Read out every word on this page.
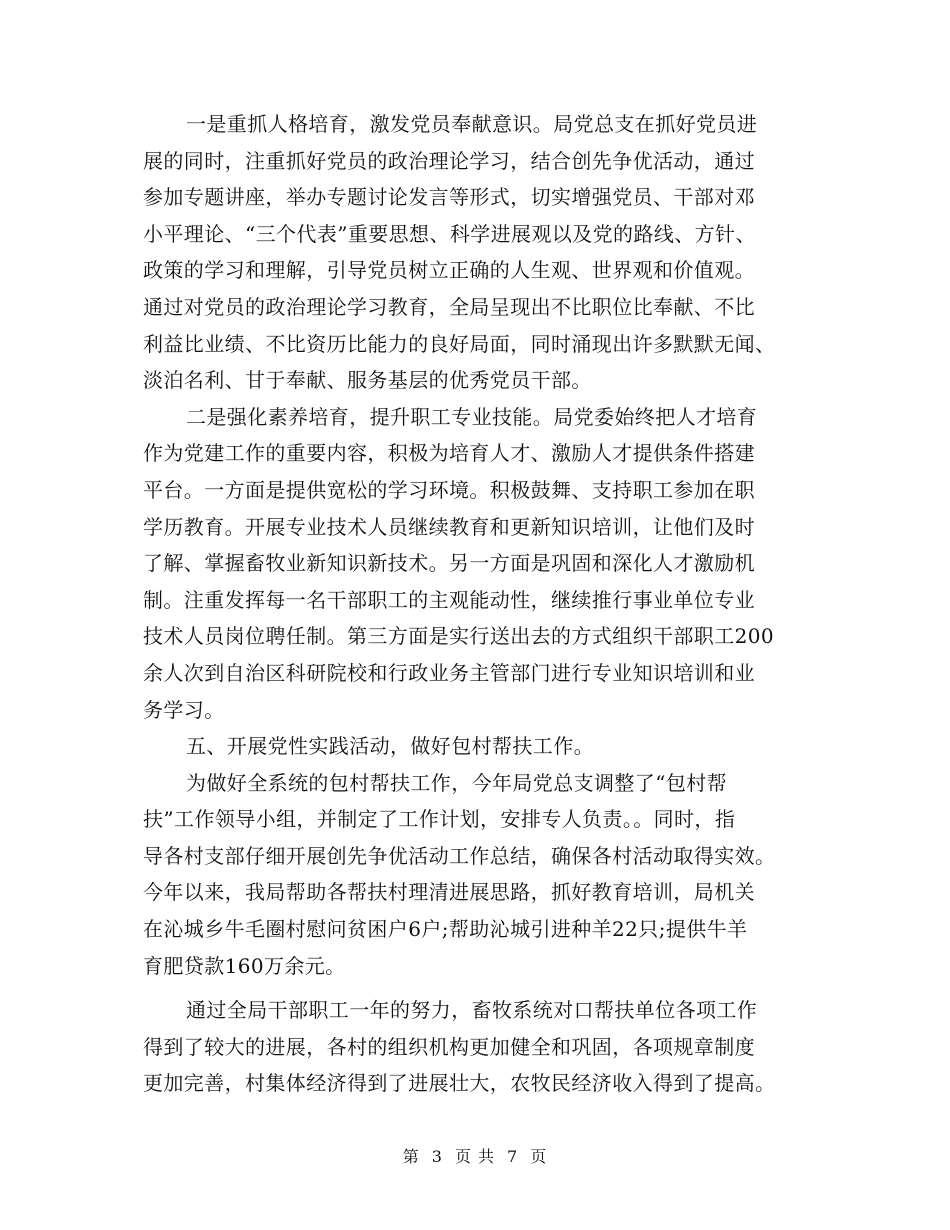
一是重抓人格培育，激发党员奉献意识。局党总支在抓好党员进
展的同时，注重抓好党员的政治理论学习，结合创先争优活动，通过
参加专题讲座，举办专题讨论发言等形式，切实增强党员、干部对邓
小平理论、“三个代表”重要思想、科学进展观以及党的路线、方针、
政策的学习和理解，引导党员树立正确的人生观、世界观和价值观。
通过对党员的政治理论学习教育，全局呈现出不比职位比奉献、不比
利益比业绩、不比资历比能力的良好局面，同时涌现出许多默默无闻、
淡泊名利、甘于奉献、服务基层的优秀党员干部。

二是强化素养培育，提升职工专业技能。局党委始终把人才培育
作为党建工作的重要内容，积极为培育人才、激励人才提供条件搭建
平台。一方面是提供宽松的学习环境。积极鼓舞、支持职工参加在职
学历教育。开展专业技术人员继续教育和更新知识培训，让他们及时
了解、掌握畜牧业新知识新技术。另一方面是巩固和深化人才激励机
制。注重发挥每一名干部职工的主观能动性，继续推行事业单位专业
技术人员岗位聘任制。第三方面是实行送出去的方式组织干部职工200
余人次到自治区科研院校和行政业务主管部门进行专业知识培训和业
务学习。

五、开展党性实践活动，做好包村帮扶工作。

为做好全系统的包村帮扶工作，今年局党总支调整了“包村帮
扶”工作领导小组，并制定了工作计划，安排专人负责。。同时，指
导各村支部仔细开展创先争优活动工作总结，确保各村活动取得实效。
今年以来，我局帮助各帮扶村理清进展思路，抓好教育培训，局机关
在沁城乡牛毛圈村慰问贫困户6户;帮助沁城引进种羊22只;提供牛羊
育肥贷款160万余元。

通过全局干部职工一年的努力，畜牧系统对口帮扶单位各项工作
得到了较大的进展，各村的组织机构更加健全和巩固，各项规章制度
更加完善，村集体经济得到了进展壮大，农牧民经济收入得到了提高。

第 3 页 共 7 页
